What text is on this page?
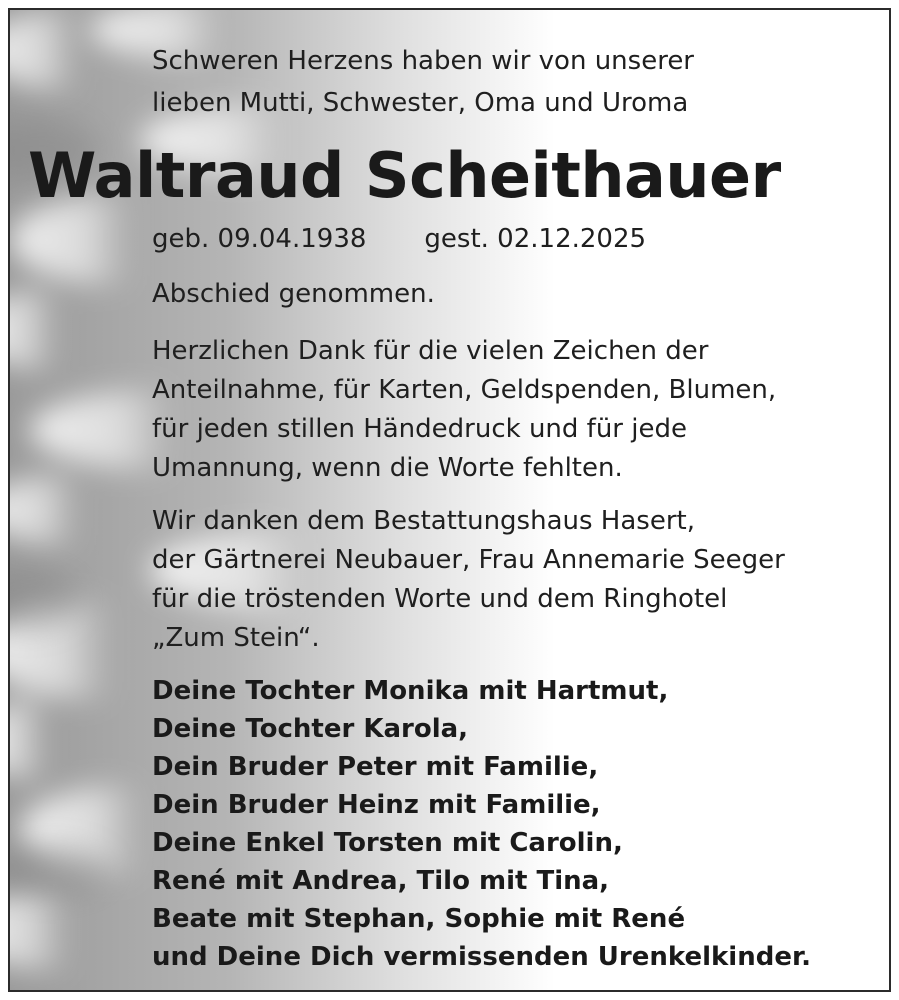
Schweren Herzens haben wir von unserer
lieben Mutti, Schwester, Oma und Uroma

Waltraud Scheithauer
geb. 09.04.1938 gest. 02.12.2025

Abschied genommen.

Herzlichen Dank für die vielen Zeichen der
Anteilnahme, für Karten, Geldspenden, Blumen,
für jeden stillen Händedruck und für jede
Umannung, wenn die Worte fehlten.

Wir danken dem Bestattungshaus Hasert,
der Gärtnerei Neubauer, Frau Annemarie Seeger
für die tröstenden Worte und dem Ringhotel
„Zum Stein“.

Deine Tochter Monika mit Hartmut,
Deine Tochter Karola,
Dein Bruder Peter mit Familie,
Dein Bruder Heinz mit Familie,
Deine Enkel Torsten mit Carolin,
René mit Andrea, Tilo mit Tina,
Beate mit Stephan, Sophie mit René
und Deine Dich vermissenden Urenkelkinder.
